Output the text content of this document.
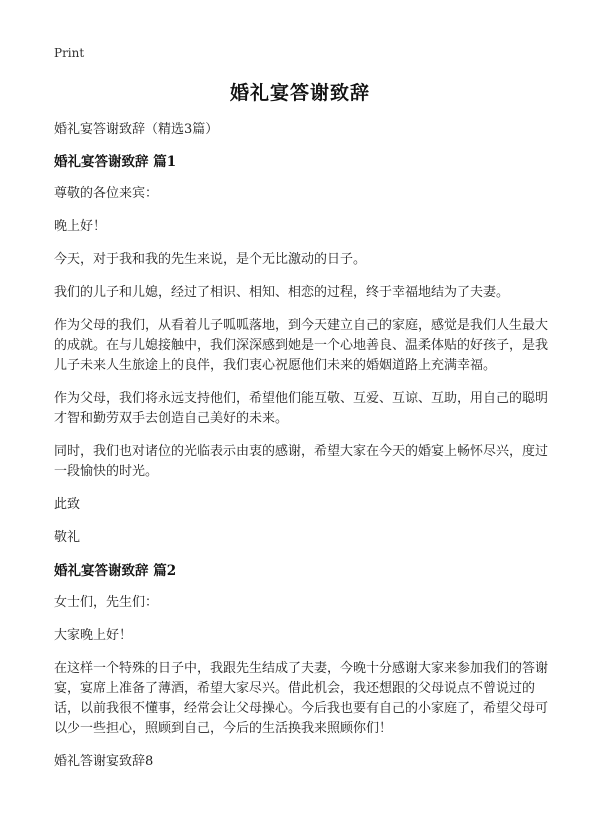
Print
婚礼宴答谢致辞
婚礼宴答谢致辞（精选3篇）
婚礼宴答谢致辞 篇1
尊敬的各位来宾：
晚上好！
今天，对于我和我的先生来说，是个无比激动的日子。
我们的儿子和儿媳，经过了相识、相知、相恋的过程，终于幸福地结为了夫妻。
作为父母的我们，从看着儿子呱呱落地，到今天建立自己的家庭，感觉是我们人生最大的成就。在与儿媳接触中，我们深深感到她是一个心地善良、温柔体贴的好孩子，是我儿子未来人生旅途上的良伴，我们衷心祝愿他们未来的婚姻道路上充满幸福。
作为父母，我们将永远支持他们，希望他们能互敬、互爱、互谅、互助，用自己的聪明才智和勤劳双手去创造自己美好的未来。
同时，我们也对诸位的光临表示由衷的感谢，希望大家在今天的婚宴上畅怀尽兴，度过一段愉快的时光。
此致
敬礼
婚礼宴答谢致辞 篇2
女士们，先生们：
大家晚上好！
在这样一个特殊的日子中，我跟先生结成了夫妻，今晚十分感谢大家来参加我们的答谢宴，宴席上准备了薄酒，希望大家尽兴。借此机会，我还想跟的父母说点不曾说过的话，以前我很不懂事，经常会让父母操心。今后我也要有自己的小家庭了，希望父母可以少一些担心，照顾到自己，今后的生活换我来照顾你们！
婚礼答谢宴致辞8
